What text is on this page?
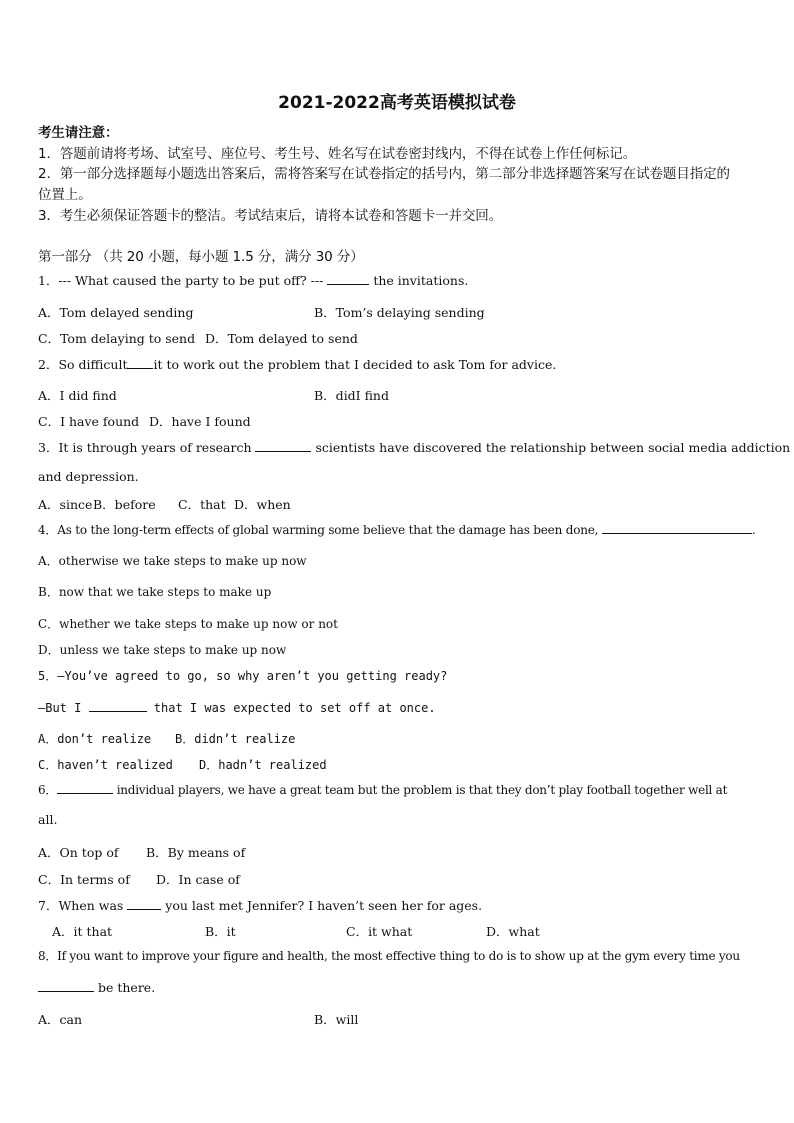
2021-2022高考英语模拟试卷
考生请注意：
1．答题前请将考场、试室号、座位号、考生号、姓名写在试卷密封线内，不得在试卷上作任何标记。
2．第一部分选择题每小题选出答案后，需将答案写在试卷指定的括号内，第二部分非选择题答案写在试卷题目指定的
位置上。
3．考生必须保证答题卡的整洁。考试结束后，请将本试卷和答题卡一并交回。
第一部分 （共 20 小题，每小题 1.5 分，满分 30 分）
1．--- What caused the party to be put off? ---	the invitations.
A．Tom delayed sending	B．Tom’s delaying sending
C．Tom delaying to send D．Tom delayed to send
2．So difficult it to work out the problem that I decided to ask Tom for advice.
A．I did find	B．didI find
C．I have found D．have I found
3．It is through years of research	scientists have discovered the relationship between social media addiction
and depression.
A．since B．before C．that D．when
4．As to the long-term effects of global warming some believe that the damage has been done,	.
A．otherwise we take steps to make up now
B．now that we take steps to make up
C．whether we take steps to make up now or not
D．unless we take steps to make up now
5．—You’ve agreed to go, so why aren’t you getting ready?
—But I	that I was expected to set off at once.
A．don’t realize B．didn’t realize
C．haven’t realized D．hadn’t realized
6．	individual players, we have a great team but the problem is that they don’t play football together well at
all.
A．On top of B．By means of
C．In terms of D．In case of
7．When was	you last met Jennifer? I haven’t seen her for ages.
A．it that	B．it	C．it what	D．what
8．If you want to improve your figure and health, the most effective thing to do is to show up at the gym every time you
be there.
A．can	B．will
